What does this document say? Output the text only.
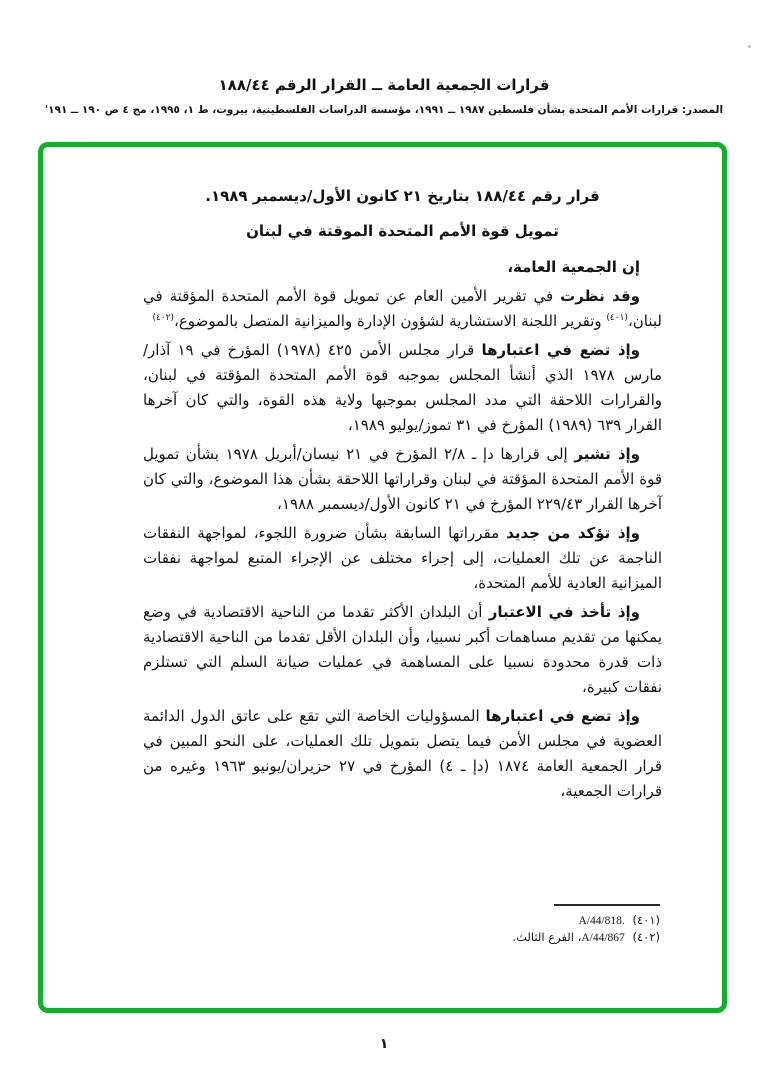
قرارات الجمعية العامة ــ القرار الرقم ١٨٨/٤٤
المصدر: قرارات الأمم المتحدة بشأن فلسطين ١٩٨٧ ــ ١٩٩١، مؤسسة الدراسات الفلسطينية، بيروت، ط ١، ١٩٩٥، مج ٤ ص ١٩٠ ــ ١٩١'
قرار رقم ١٨٨/٤٤ بتاريخ ٢١ كانون الأول/ديسمبر ١٩٨٩.
تمويل قوة الأمم المتحدة الموقتة في لبنان

إن الجمعية العامة،

وقد نظرت في تقرير الأمين العام عن تمويل قوة الأمم المتحدة المؤقتة في لبنان،$^{(٤٠١)}$ وتقرير اللجنة الاستشارية لشؤون الإدارة والميزانية المتصل بالموضوع،$^{(٤٠٢)}$

وإذ تضع في اعتبارها قرار مجلس الأمن ٤٢٥ (١٩٧٨) المؤرخ في ١٩ آذار/مارس ١٩٧٨ الذي أنشأ المجلس بموجبه قوة الأمم المتحدة المؤقتة في لبنان، والقرارات اللاحقة التي مدد المجلس بموجبها ولاية هذه القوة، والتي كان آخرها القرار ٦٣٩ (١٩٨٩) المؤرخ في ٣١ تموز/يوليو ١٩٨٩،

وإذ تشير إلى قرارها دإ ـ ٢/٨ المؤرخ في ٢١ نيسان/أبريل ١٩٧٨ بشأن تمويل قوة الأمم المتحدة المؤقتة في لبنان وقراراتها اللاحقة بشأن هذا الموضوع، والتي كان آخرها القرار ٢٢٩/٤٣ المؤرخ في ٢١ كانون الأول/ديسمبر ١٩٨٨،

وإذ تؤكد من جديد مقرراتها السابقة بشأن ضرورة اللجوء، لمواجهة النفقات الناجمة عن تلك العمليات، إلى إجراء مختلف عن الإجراء المتبع لمواجهة نفقات الميزانية العادية للأمم المتحدة،

وإذ تأخذ في الاعتبار أن البلدان الأكثر تقدما من الناحية الاقتصادية في وضع يمكنها من تقديم مساهمات أكبر نسبيا، وأن البلدان الأقل تقدما من الناحية الاقتصادية ذات قدرة محدودة نسبيا على المساهمة في عمليات صيانة السلم التي تستلزم نفقات كبيرة،

وإذ تضع في اعتبارها المسؤوليات الخاصة التي تقع على عاتق الدول الدائمة العضوية في مجلس الأمن فيما يتصل بتمويل تلك العمليات، على النحو المبين في قرار الجمعية العامة ١٨٧٤ (دإ ـ ٤) المؤرخ في ٢٧ حزيران/يونيو ١٩٦٣ وغيره من قرارات الجمعية،

(٤٠١) A/44/818.
(٤٠٢) A/44/867، الفرع الثالث.
١
